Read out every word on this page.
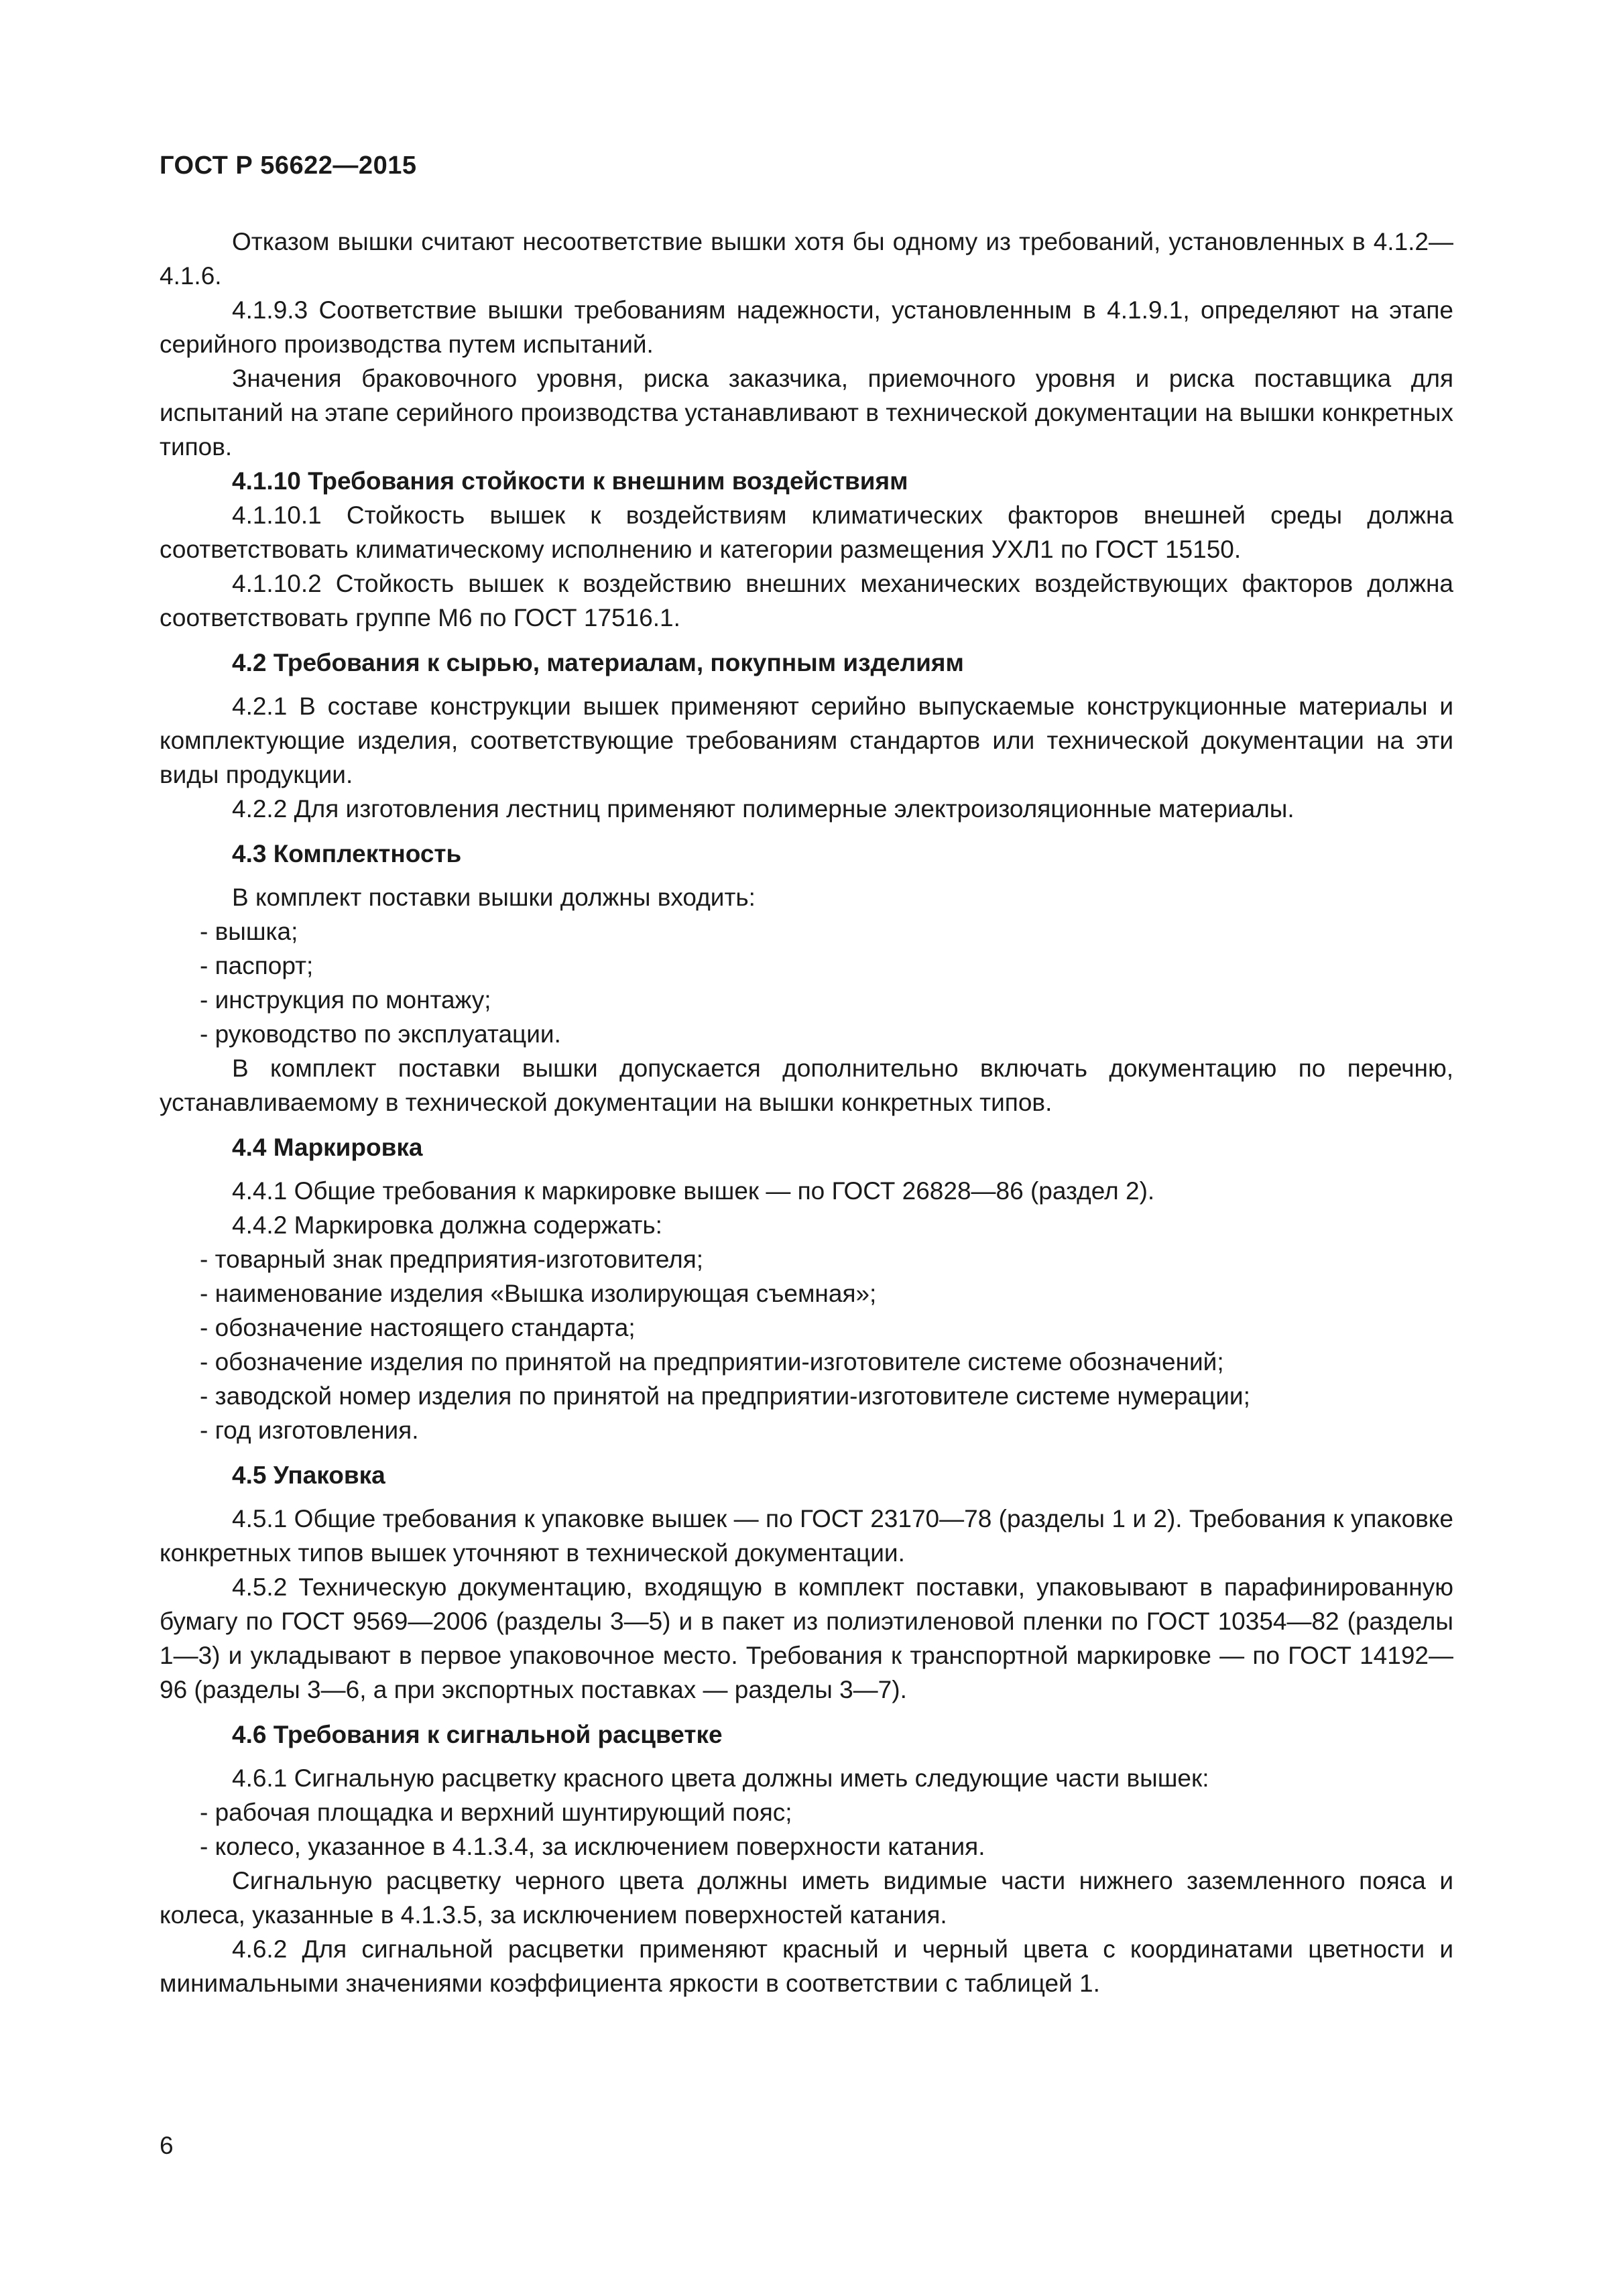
ГОСТ Р 56622—2015

Отказом вышки считают несоответствие вышки хотя бы одному из требований, установленных в 4.1.2—4.1.6.

4.1.9.3 Соответствие вышки требованиям надежности, установленным в 4.1.9.1, определяют на этапе серийного производства путем испытаний.

Значения браковочного уровня, риска заказчика, приемочного уровня и риска поставщика для испытаний на этапе серийного производства устанавливают в технической документации на вышки конкретных типов.

4.1.10 Требования стойкости к внешним воздействиям

4.1.10.1 Стойкость вышек к воздействиям климатических факторов внешней среды должна соответствовать климатическому исполнению и категории размещения УХЛ1 по ГОСТ 15150.

4.1.10.2 Стойкость вышек к воздействию внешних механических воздействующих факторов должна соответствовать группе М6 по ГОСТ 17516.1.

4.2 Требования к сырью, материалам, покупным изделиям

4.2.1 В составе конструкции вышек применяют серийно выпускаемые конструкционные материалы и комплектующие изделия, соответствующие требованиям стандартов или технической документации на эти виды продукции.

4.2.2 Для изготовления лестниц применяют полимерные электроизоляционные материалы.

4.3 Комплектность

В комплект поставки вышки должны входить:

- вышка;

- паспорт;

- инструкция по монтажу;

- руководство по эксплуатации.

В комплект поставки вышки допускается дополнительно включать документацию по перечню, устанавливаемому в технической документации на вышки конкретных типов.

4.4 Маркировка

4.4.1 Общие требования к маркировке вышек — по ГОСТ 26828—86 (раздел 2).

4.4.2 Маркировка должна содержать:

- товарный знак предприятия-изготовителя;

- наименование изделия «Вышка изолирующая съемная»;

- обозначение настоящего стандарта;

- обозначение изделия по принятой на предприятии-изготовителе системе обозначений;

- заводской номер изделия по принятой на предприятии-изготовителе системе нумерации;

- год изготовления.

4.5 Упаковка

4.5.1 Общие требования к упаковке вышек — по ГОСТ 23170—78 (разделы 1 и 2). Требования к упаковке конкретных типов вышек уточняют в технической документации.

4.5.2 Техническую документацию, входящую в комплект поставки, упаковывают в парафинированную бумагу по ГОСТ 9569—2006 (разделы 3—5) и в пакет из полиэтиленовой пленки по ГОСТ 10354—82 (разделы 1—3) и укладывают в первое упаковочное место. Требования к транспортной маркировке — по ГОСТ 14192—96 (разделы 3—6, а при экспортных поставках — разделы 3—7).

4.6 Требования к сигнальной расцветке

4.6.1 Сигнальную расцветку красного цвета должны иметь следующие части вышек:

- рабочая площадка и верхний шунтирующий пояс;

- колесо, указанное в 4.1.3.4, за исключением поверхности катания.

Сигнальную расцветку черного цвета должны иметь видимые части нижнего заземленного пояса и колеса, указанные в 4.1.3.5, за исключением поверхностей катания.

4.6.2 Для сигнальной расцветки применяют красный и черный цвета с координатами цветности и минимальными значениями коэффициента яркости в соответствии с таблицей 1.

6
